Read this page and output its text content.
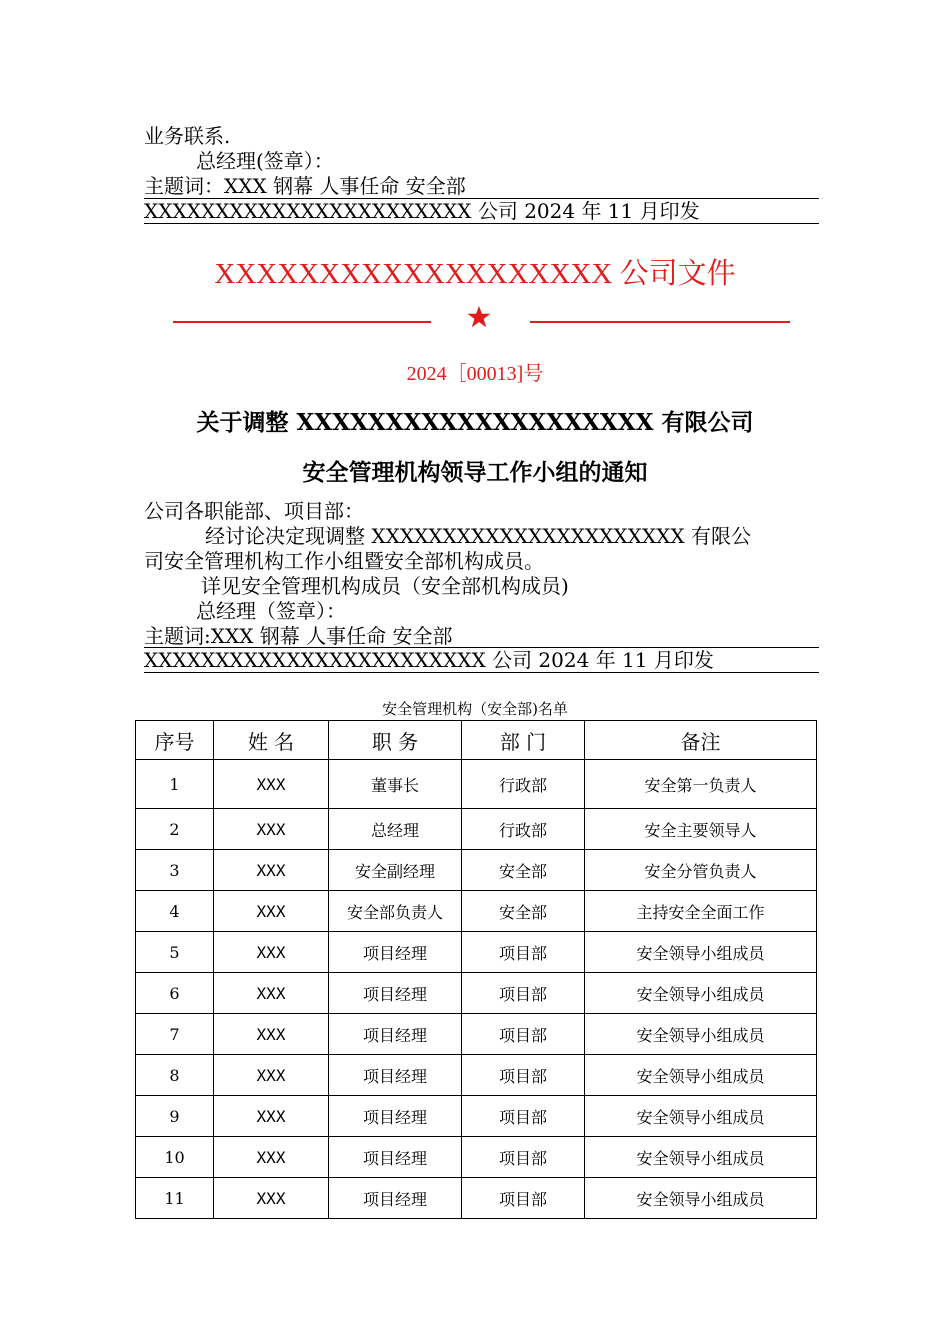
业务联系.
总经理(签章）：
主题词：XXX 钢幕 人事任命 安全部
XXXXXXXXXXXXXXXXXXXXXXX 公司 2024 年 11 月印发
XXXXXXXXXXXXXXXXXXX 公司文件
2024［00013]号
关于调整 XXXXXXXXXXXXXXXXXXXX 有限公司
安全管理机构领导工作小组的通知
公司各职能部、项目部：
经讨论决定现调整 XXXXXXXXXXXXXXXXXXXXXX 有限公
司安全管理机构工作小组暨安全部机构成员。
详见安全管理机构成员（安全部机构成员)
总经理（签章）：
主题词:XXX 钢幕 人事任命 安全部
XXXXXXXXXXXXXXXXXXXXXXXX 公司 2024 年 11 月印发
安全管理机构（安全部)名单
序号	姓 名	职 务	部 门	备注
1	XXX	董事长	行政部	安全第一负责人
2	XXX	总经理	行政部	安全主要领导人
3	XXX	安全副经理	安全部	安全分管负责人
4	XXX	安全部负责人	安全部	主持安全全面工作
5	XXX	项目经理	项目部	安全领导小组成员
6	XXX	项目经理	项目部	安全领导小组成员
7	XXX	项目经理	项目部	安全领导小组成员
8	XXX	项目经理	项目部	安全领导小组成员
9	XXX	项目经理	项目部	安全领导小组成员
10	XXX	项目经理	项目部	安全领导小组成员
11	XXX	项目经理	项目部	安全领导小组成员
